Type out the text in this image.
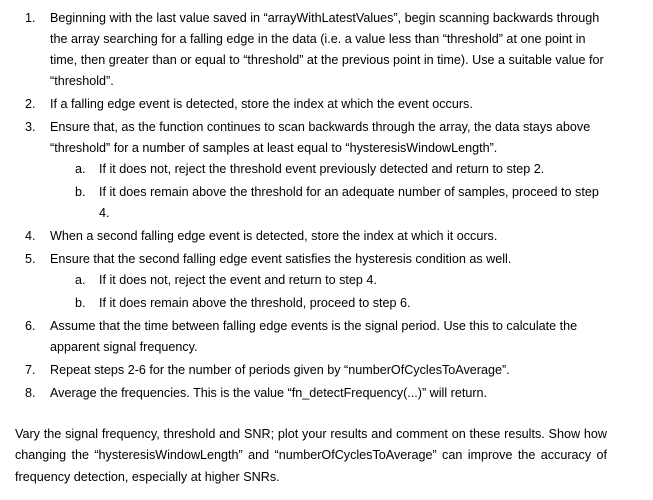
1. Beginning with the last value saved in “arrayWithLatestValues”, begin scanning backwards through the array searching for a falling edge in the data (i.e. a value less than “threshold” at one point in time, then greater than or equal to “threshold” at the previous point in time). Use a suitable value for “threshold”.
2. If a falling edge event is detected, store the index at which the event occurs.
3. Ensure that, as the function continues to scan backwards through the array, the data stays above “threshold” for a number of samples at least equal to “hysteresisWindowLength”.
a. If it does not, reject the threshold event previously detected and return to step 2.
b. If it does remain above the threshold for an adequate number of samples, proceed to step 4.
4. When a second falling edge event is detected, store the index at which it occurs.
5. Ensure that the second falling edge event satisfies the hysteresis condition as well.
a. If it does not, reject the event and return to step 4.
b. If it does remain above the threshold, proceed to step 6.
6. Assume that the time between falling edge events is the signal period. Use this to calculate the apparent signal frequency.
7. Repeat steps 2-6 for the number of periods given by “numberOfCyclesToAverage”.
8. Average the frequencies. This is the value “fn_detectFrequency(...)” will return.

Vary the signal frequency, threshold and SNR; plot your results and comment on these results. Show how changing the “hysteresisWindowLength” and “numberOfCyclesToAverage” can improve the accuracy of frequency detection, especially at higher SNRs.
